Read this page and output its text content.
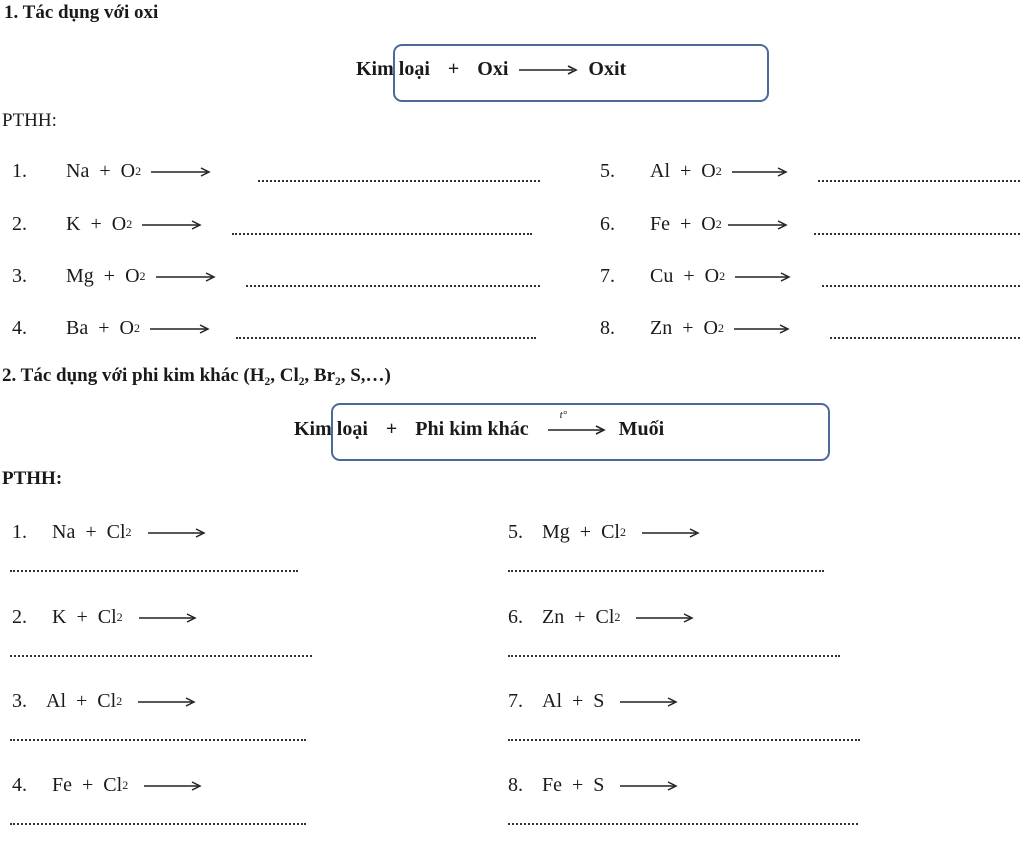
1. Tác dụng với oxi
Kim loại + Oxi	Oxit
PTHH:
1.	Na + O 2
2.	K + O 2
3.	Mg + O 2
4.	Ba + O 2
5.	Al + O 2
6.	Fe + O 2
7.	Cu + O 2
8.	Zn + O 2
2. Tác dụng với phi kim khác (H₂, Cl₂, Br₂, S,…)
Kim loại + Phi kim khác
t°
Muối
PTHH:
1.	Na + Cl 2
2.	K + Cl 2
3. Al + Cl 2
4.	Fe + Cl 2
5. Mg + Cl 2
6. Zn + Cl 2
7. Al + S
8. Fe + S
